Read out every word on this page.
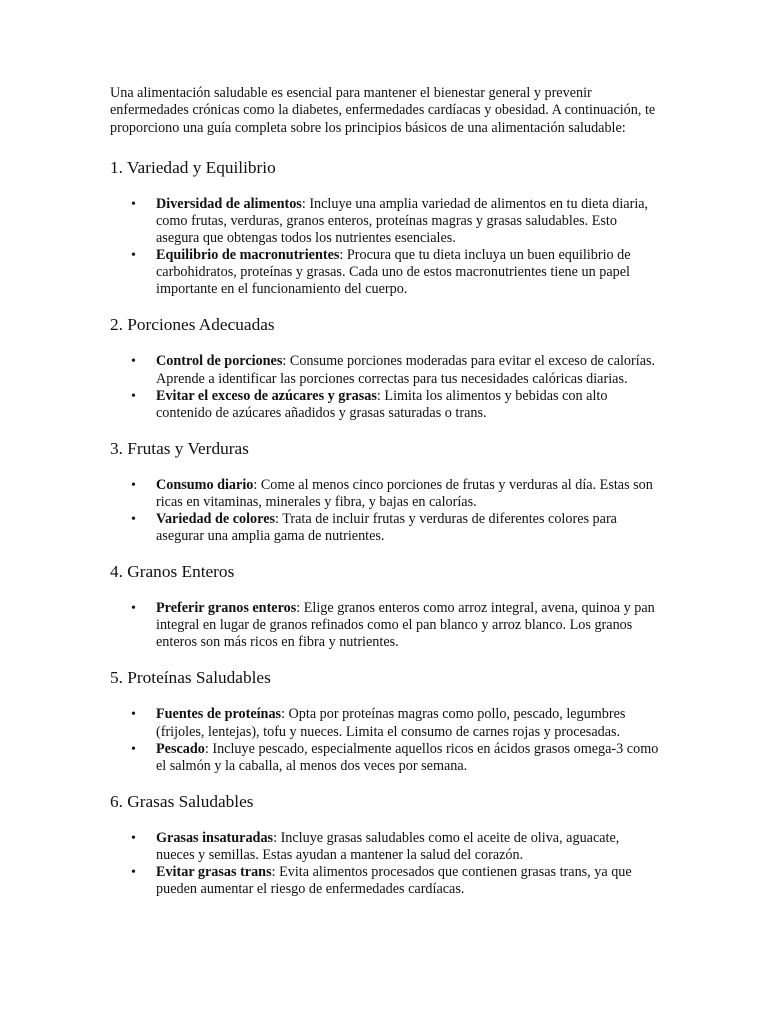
Una alimentación saludable es esencial para mantener el bienestar general y prevenir enfermedades crónicas como la diabetes, enfermedades cardíacas y obesidad. A continuación, te proporciono una guía completa sobre los principios básicos de una alimentación saludable:

1. Variedad y Equilibrio
• Diversidad de alimentos: Incluye una amplia variedad de alimentos en tu dieta diaria, como frutas, verduras, granos enteros, proteínas magras y grasas saludables. Esto asegura que obtengas todos los nutrientes esenciales.
• Equilibrio de macronutrientes: Procura que tu dieta incluya un buen equilibrio de carbohidratos, proteínas y grasas. Cada uno de estos macronutrientes tiene un papel importante en el funcionamiento del cuerpo.
2. Porciones Adecuadas
• Control de porciones: Consume porciones moderadas para evitar el exceso de calorías. Aprende a identificar las porciones correctas para tus necesidades calóricas diarias.
• Evitar el exceso de azúcares y grasas: Limita los alimentos y bebidas con alto contenido de azúcares añadidos y grasas saturadas o trans.
3. Frutas y Verduras
• Consumo diario: Come al menos cinco porciones de frutas y verduras al día. Estas son ricas en vitaminas, minerales y fibra, y bajas en calorías.
• Variedad de colores: Trata de incluir frutas y verduras de diferentes colores para asegurar una amplia gama de nutrientes.
4. Granos Enteros
• Preferir granos enteros: Elige granos enteros como arroz integral, avena, quinoa y pan integral en lugar de granos refinados como el pan blanco y arroz blanco. Los granos enteros son más ricos en fibra y nutrientes.
5. Proteínas Saludables
• Fuentes de proteínas: Opta por proteínas magras como pollo, pescado, legumbres (frijoles, lentejas), tofu y nueces. Limita el consumo de carnes rojas y procesadas.
• Pescado: Incluye pescado, especialmente aquellos ricos en ácidos grasos omega-3 como el salmón y la caballa, al menos dos veces por semana.
6. Grasas Saludables
• Grasas insaturadas: Incluye grasas saludables como el aceite de oliva, aguacate, nueces y semillas. Estas ayudan a mantener la salud del corazón.
• Evitar grasas trans: Evita alimentos procesados que contienen grasas trans, ya que pueden aumentar el riesgo de enfermedades cardíacas.
